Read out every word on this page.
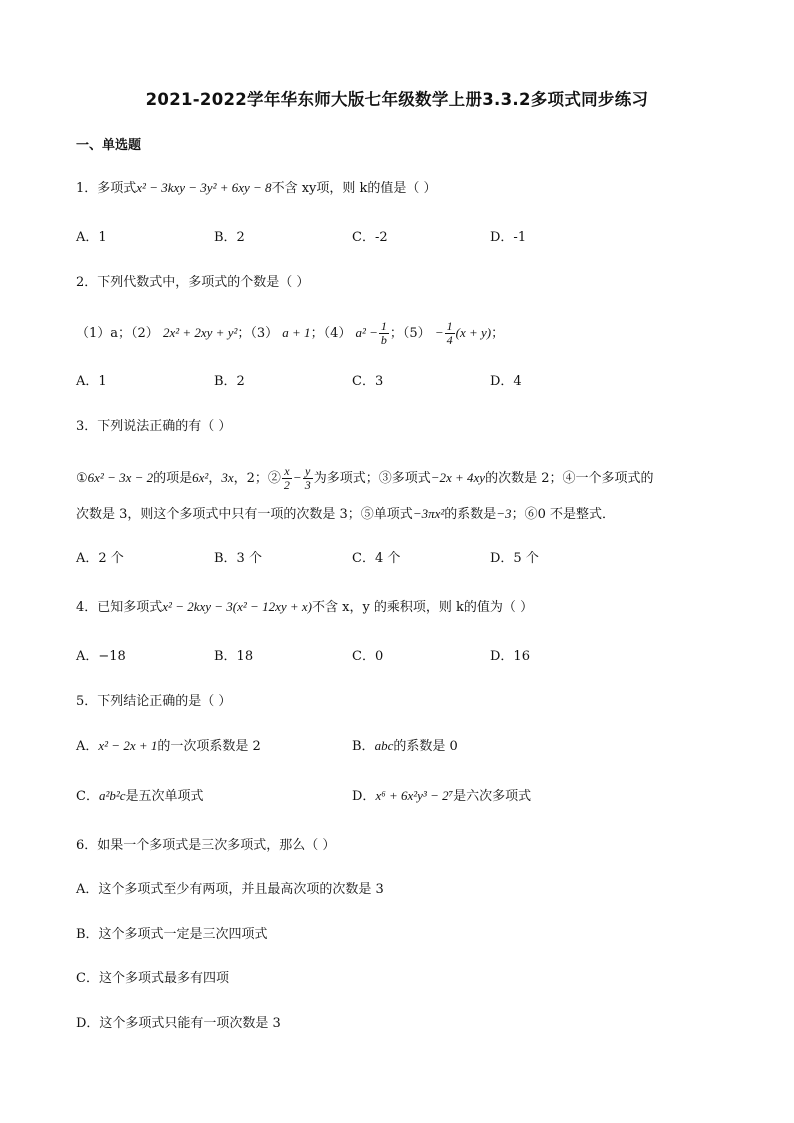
2021-2022学年华东师大版七年级数学上册3.3.2多项式同步练习
一、单选题
1．多项式x² − 3kxy − 3y² + 6xy − 8不含 xy项，则 k的值是（ ）
A．1	B．2	C．-2	D．-1
2．下列代数式中，多项式的个数是（ ）
（1）a；（2） 2x² + 2xy + y²；（3） a + 1；（4） $a^2 - \frac{1}{b}$ ；$(5) - \frac{1}{4} (x + y)$；
A．1	B．2	C．3	D．4
3．下列说法正确的有（ ）
①6x² − 3x − 2的项是6x²，3x，2；② $\frac{x}{2} - \frac{y}{3}$ 为多项式；③多项式−2x + 4xy的次数是 2；④一个多项式的
次数是 3，则这个多项式中只有一项的次数是 3；⑤单项式−3πx²的系数是−3；⑥0 不是整式．
A．2 个	B．3 个	C．4 个	D．5 个
4．已知多项式x² − 2kxy − 3(x² − 12xy + x)不含 x，y 的乘积项，则 k的值为（ ）
A．−18	B．18	C．0	D．16
5．下列结论正确的是（ ）
A．x² − 2x + 1的一次项系数是 2	B．abc的系数是 0
C．a²b²c是五次单项式	D．x⁶ + 6x²y³ − 2⁷是六次多项式
6．如果一个多项式是三次多项式，那么（ ）
A．这个多项式至少有两项，并且最高次项的次数是 3
B．这个多项式一定是三次四项式
C．这个多项式最多有四项
D．这个多项式只能有一项次数是 3
